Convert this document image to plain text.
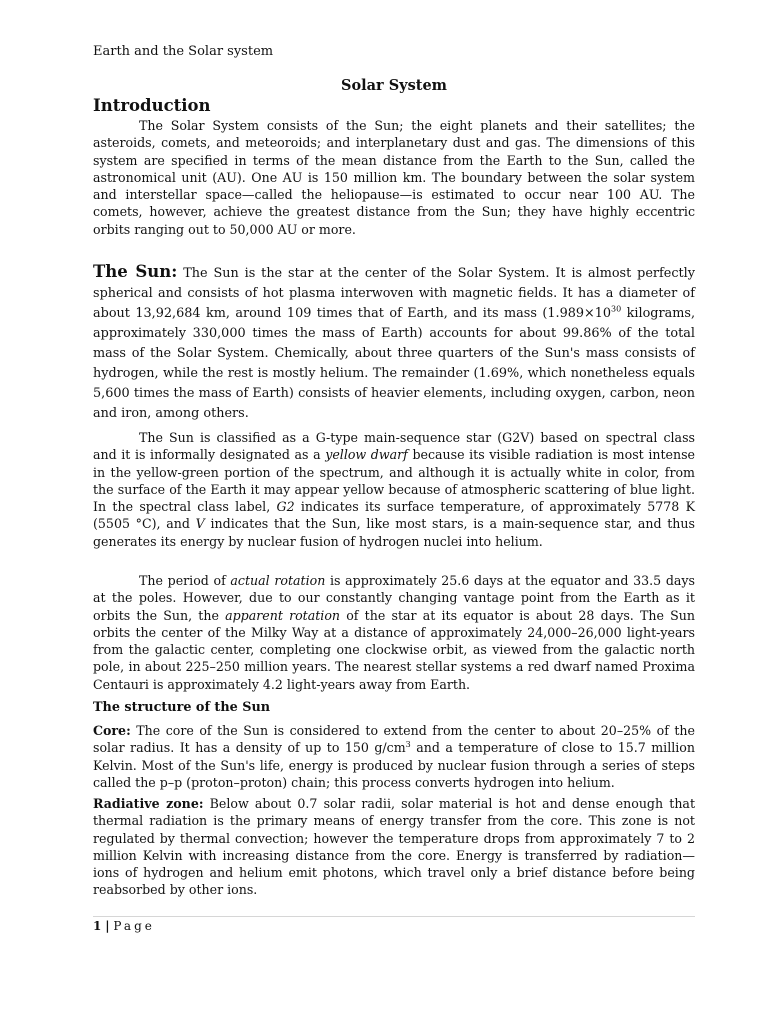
Earth and the Solar system
Solar System
Introduction

The Solar System consists of the Sun; the eight planets and their satellites; the asteroids, comets, and meteoroids; and interplanetary dust and gas. The dimensions of this system are specified in terms of the mean distance from the Earth to the Sun, called the astronomical unit (AU). One AU is 150 million km. The boundary between the solar system and interstellar space—called the heliopause—is estimated to occur near 100 AU. The comets, however, achieve the greatest distance from the Sun; they have highly eccentric orbits ranging out to 50,000 AU or more.

The Sun: The Sun is the star at the center of the Solar System. It is almost perfectly spherical and consists of hot plasma interwoven with magnetic fields. It has a diameter of about 13,92,684 km, around 109 times that of Earth, and its mass ($1.989\times 10^{30}$ kilograms, approximately 330,000 times the mass of Earth) accounts for about 99.86% of the total mass of the Solar System. Chemically, about three quarters of the Sun's mass consists of hydrogen, while the rest is mostly helium. The remainder (1.69%, which nonetheless equals 5,600 times the mass of Earth) consists of heavier elements, including oxygen, carbon, neon and iron, among others.

The Sun is classified as a G-type main-sequence star (G2V) based on spectral class and it is informally designated as a yellow dwarf because its visible radiation is most intense in the yellow-green portion of the spectrum, and although it is actually white in color, from the surface of the Earth it may appear yellow because of atmospheric scattering of blue light. In the spectral class label, G2 indicates its surface temperature, of approximately 5778 K (5505 °C), and V indicates that the Sun, like most stars, is a main-sequence star, and thus generates its energy by nuclear fusion of hydrogen nuclei into helium.

The period of actual rotation is approximately 25.6 days at the equator and 33.5 days at the poles. However, due to our constantly changing vantage point from the Earth as it orbits the Sun, the apparent rotation of the star at its equator is about 28 days. The Sun orbits the center of the Milky Way at a distance of approximately 24,000–26,000 light-years from the galactic center, completing one clockwise orbit, as viewed from the galactic north pole, in about 225–250 million years. The nearest stellar systems a red dwarf named Proxima Centauri is approximately 4.2 light-years away from Earth.

The structure of the Sun

Core: The core of the Sun is considered to extend from the center to about 20–25% of the solar radius. It has a density of up to 150 $g/cm^3$ and a temperature of close to 15.7 million Kelvin. Most of the Sun's life, energy is produced by nuclear fusion through a series of steps called the p–p (proton–proton) chain; this process converts hydrogen into helium.

Radiative zone: Below about 0.7 solar radii, solar material is hot and dense enough that thermal radiation is the primary means of energy transfer from the core. This zone is not regulated by thermal convection; however the temperature drops from approximately 7 to 2 million Kelvin with increasing distance from the core. Energy is transferred by radiation—ions of hydrogen and helium emit photons, which travel only a brief distance before being reabsorbed by other ions.

1 | Page
